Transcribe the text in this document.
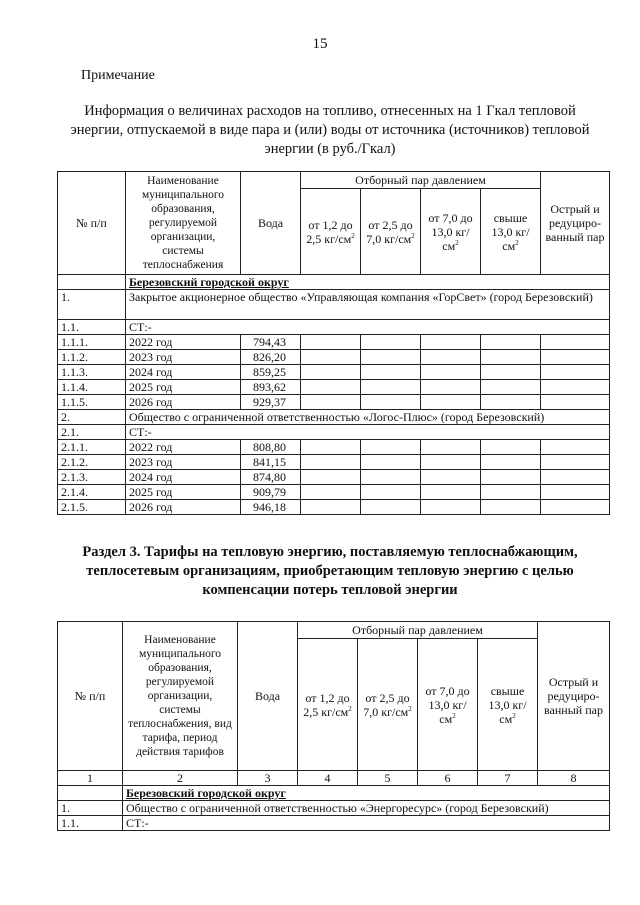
15
Примечание
Информация о величинах расходов на топливо, отнесенных на 1 Гкал тепловой энергии, отпускаемой в виде пара и (или) воды от источника (источников) тепловой энергии (в руб./Гкал)
№ п/п	Наименование муниципального образования, регулируемой организации, системы теплоснабжения	Вода	Отборный пар давлением				Острый и редуциро-ванный пар
			от 1,2 до 2,5 $кг/см^2$	от 2,5 до 7,0 $кг/см^2$	от 7,0 до 13,0 $кг/см^2$	свыше 13,0 $кг/см^2$
	Березовский городской округ						
1.	Закрытое акционерное общество «Управляющая компания «ГорСвет» (город Березовский)						
1.1.	СТ:-						
1.1.1.	2022 год	794,43					
1.1.2.	2023 год	826,20					
1.1.3.	2024 год	859,25					
1.1.4.	2025 год	893,62					
1.1.5.	2026 год	929,37					
2.	Общество с ограниченной ответственностью «Логос-Плюс» (город Березовский)						
2.1.	СТ:-						
2.1.1.	2022 год	808,80					
2.1.2.	2023 год	841,15					
2.1.3.	2024 год	874,80					
2.1.4.	2025 год	909,79					
2.1.5.	2026 год	946,18					
Раздел 3. Тарифы на тепловую энергию, поставляемую теплоснабжающим, теплосетевым организациям, приобретающим тепловую энергию с целью компенсации потерь тепловой энергии
№ п/п	Наименование муниципального образования, регулируемой организации, системы теплоснабжения, вид тарифа, период действия тарифов	Вода	Отборный пар давлением				Острый и редуциро-ванный пар
			от 1,2 до 2,5 $кг/см^2$	от 2,5 до 7,0 $кг/см^2$	от 7,0 до 13,0 $кг/см^2$	свыше 13,0 $кг/см^2$
1	2	3	4	5	6	7	8
	Березовский городской округ						
1.	Общество с ограниченной ответственностью «Энергоресурс» (город Березовский)						
1.1.	СТ:-						
